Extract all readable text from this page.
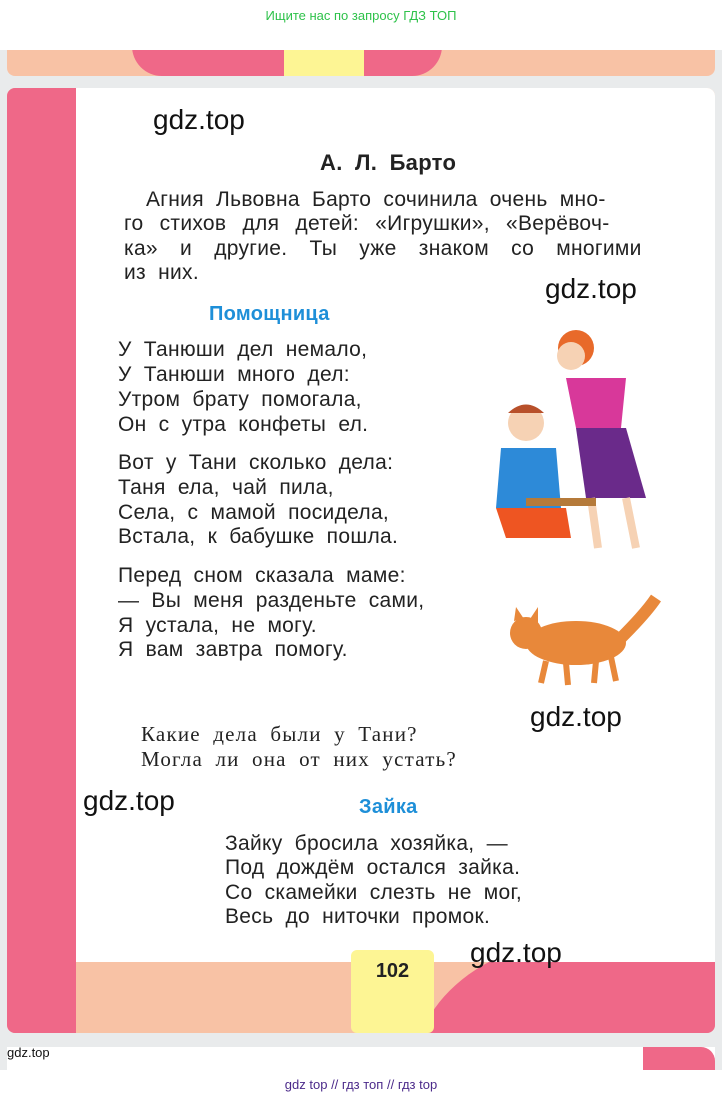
Ищите нас по запросу ГДЗ ТОП
А. Л. Барто
Агния Львовна Барто сочинила очень мно-
го стихов для детей: «Игрушки», «Верёвоч-
ка» и другие. Ты уже знаком со многими
из них.
Помощница
У Танюши дел немало,
У Танюши много дел:
Утром брату помогала,
Он с утра конфеты ел.
Вот у Тани сколько дела:
Таня ела, чай пила,
Села, с мамой посидела,
Встала, к бабушке пошла.
Перед сном сказала маме:
— Вы меня разденьте сами,
Я устала, не могу.
Я вам завтра помогу.
Какие дела были у Тани?
Могла ли она от них устать?
Зайка
Зайку бросила хозяйка, —
Под дождём остался зайка.
Со скамейки слезть не мог,
Весь до ниточки промок.
102
gdz.top
gdz.top
gdz.top
gdz.top
gdz.top
gdz.top
gdz top // гдз топ // гдз top
